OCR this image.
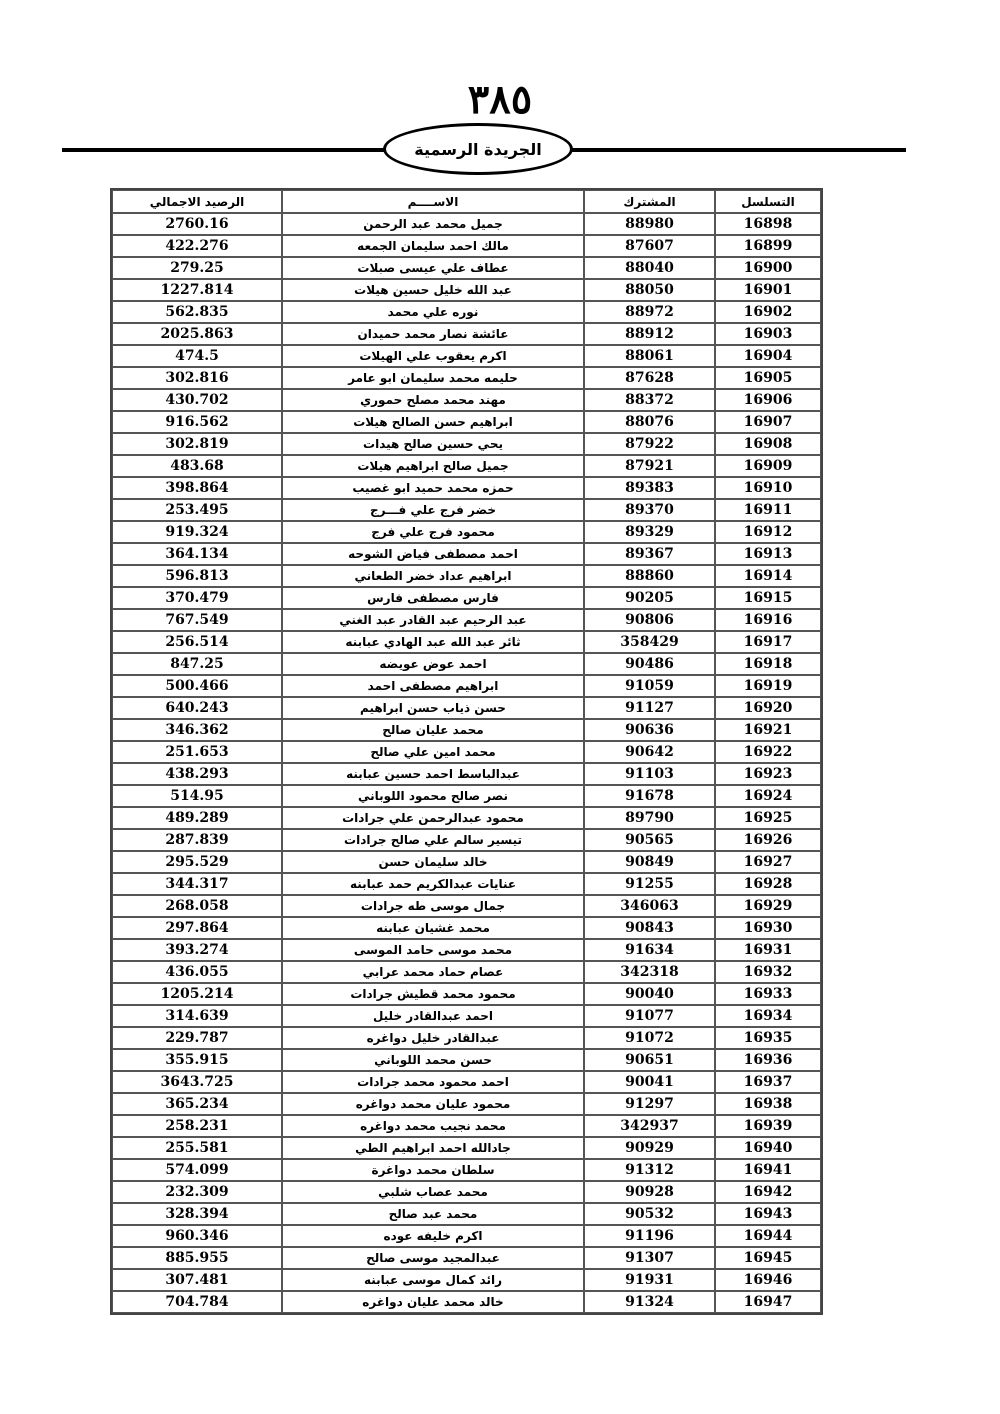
٣٨٥
الجريدة الرسمية
التسلسل	المشترك	الاســــم	الرصيد الاجمالي
16898	88980	جميل محمد عبد الرحمن	2760.16
16899	87607	مالك احمد سليمان الجمعه	422.276
16900	88040	عطاف علي عيسى صبلات	279.25
16901	88050	عبد الله خليل حسين هيلات	1227.814
16902	88972	نوره علي محمد	562.835
16903	88912	عائشة نصار محمد حميدان	2025.863
16904	88061	اكرم يعقوب علي الهيلات	474.5
16905	87628	حليمه محمد سليمان ابو عامر	302.816
16906	88372	مهند محمد مصلح حموري	430.702
16907	88076	ابراهيم حسن الصالح هيلات	916.562
16908	87922	يحي حسين صالح هيدات	302.819
16909	87921	جميل صالح ابراهيم هيلات	483.68
16910	89383	حمزه محمد حميد ابو غصيب	398.864
16911	89370	خضر فرج علي فـــرج	253.495
16912	89329	محمود فرج علي فرج	919.324
16913	89367	احمد مصطفى فياض الشوحه	364.134
16914	88860	ابراهيم عداد خضر الطعاني	596.813
16915	90205	فارس مصطفى فارس	370.479
16916	90806	عبد الرحيم عبد القادر عبد الغني	767.549
16917	358429	ثائر عبد الله عبد الهادي عبابنه	256.514
16918	90486	احمد عوض عويضه	847.25
16919	91059	ابراهيم مصطفى احمد	500.466
16920	91127	حسن ذياب حسن ابراهيم	640.243
16921	90636	محمد عليان صالح	346.362
16922	90642	محمد امين علي صالح	251.653
16923	91103	عبدالباسط احمد حسين عبابنه	438.293
16924	91678	نصر صالح محمود اللوباني	514.95
16925	89790	محمود عبدالرحمن علي جرادات	489.289
16926	90565	تيسير سالم علي صالح جرادات	287.839
16927	90849	خالد سليمان حسن	295.529
16928	91255	عنايات عبدالكريم حمد عبابنه	344.317
16929	346063	جمال موسى طه جرادات	268.058
16930	90843	محمد غشيان عبابنه	297.864
16931	91634	محمد موسى حامد الموسى	393.274
16932	342318	عصام حماد محمد عرابي	436.055
16933	90040	محمود محمد قطيش جرادات	1205.214
16934	91077	احمد عبدالقادر خليل	314.639
16935	91072	عبدالقادر خليل دواغره	229.787
16936	90651	حسن محمد اللوباني	355.915
16937	90041	احمد محمود محمد جرادات	3643.725
16938	91297	محمود عليان محمد دواغره	365.234
16939	342937	محمد نجيب محمد دواغره	258.231
16940	90929	جادالله احمد ابراهيم الطي	255.581
16941	91312	سلطان محمد دواغرة	574.099
16942	90928	محمد عصاب شلبي	232.309
16943	90532	محمد عبد صالح	328.394
16944	91196	اكرم خليفه عوده	960.346
16945	91307	عبدالمجيد موسى صالح	885.955
16946	91931	رائد كمال موسى عبابنه	307.481
16947	91324	خالد محمد عليان دواغره	704.784
